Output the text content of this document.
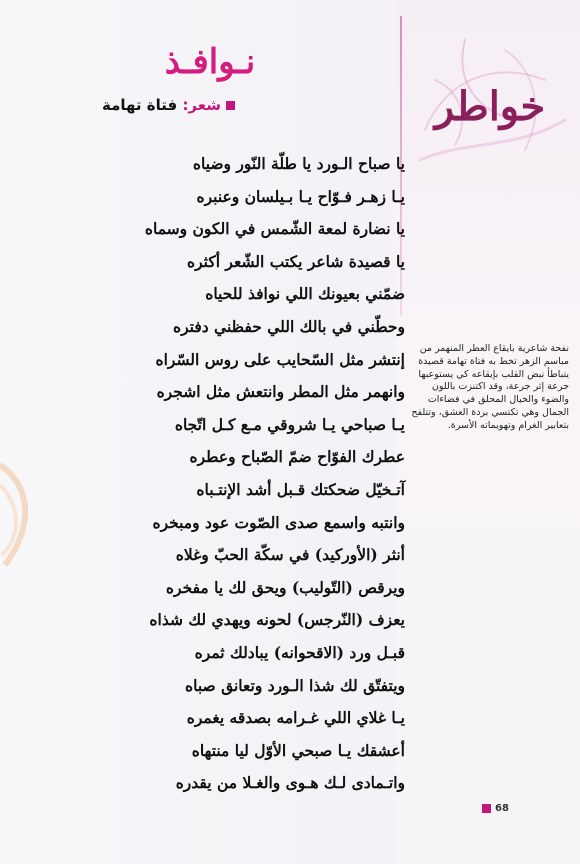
خواطر
نـوافـذ
شعر: فتاة تهامة
يا صباح الـورد يا طلّة النّور وضياه
يـا زهـر فـوّاح يـا بـيلسان وعنبره
يا نضارة لمعة الشّمس في الكون وسماه
يا قصيدة شاعر يكتب الشّعر أكثره
ضمّني بعيونك اللي نوافذ للحياه
وحطّني في بالك اللي حفظني دفتره
إنتشر مثل السّحايب على روس السّراه
وانهمر مثل المطر وانتعش مثل اشجره
يـا صباحي يـا شروقي مـع كـل اتّجاه
عطرك الفوّاح ضمّ الصّباح وعطره
آتـخيّل ضحكتك قـبل أشد الإنتـباه
وانتبه واسمع صدى الصّوت عود ومبخره
أنثر (الأوركيد) في سكّة الحبّ وغلاه
ويرقص (التّوليب) ويحق لك يا مفخره
يعزف (النّرجس) لحونه ويهدي لك شذاه
قبـل ورد (الاقحوانه) يبادلك ثمره
ويتفتّق لك شذا الـورد وتعانق صباه
يـا غلاي اللي غـرامه بصدقه يغمره
أعشقك يـا صبحي الأوّل ليا منتهاه
واتـمادى لـك هـوى والغـلا من يقدره
نفحة شاعرية بايقاع العطر المنهمر من مباسم الزهر تخط به فتاة تهامة قصيدة يتباطأ نبض القلب بإيقاعه كي يستوعبها جرعة إثر جرعة، وقد اكتنزت باللون والضوء والخيال المحلق في فضاءات الجمال وهي تكتسي بردة العشق، وتتلفح بتعابير الغرام وتهويماته الأسرة.
68
